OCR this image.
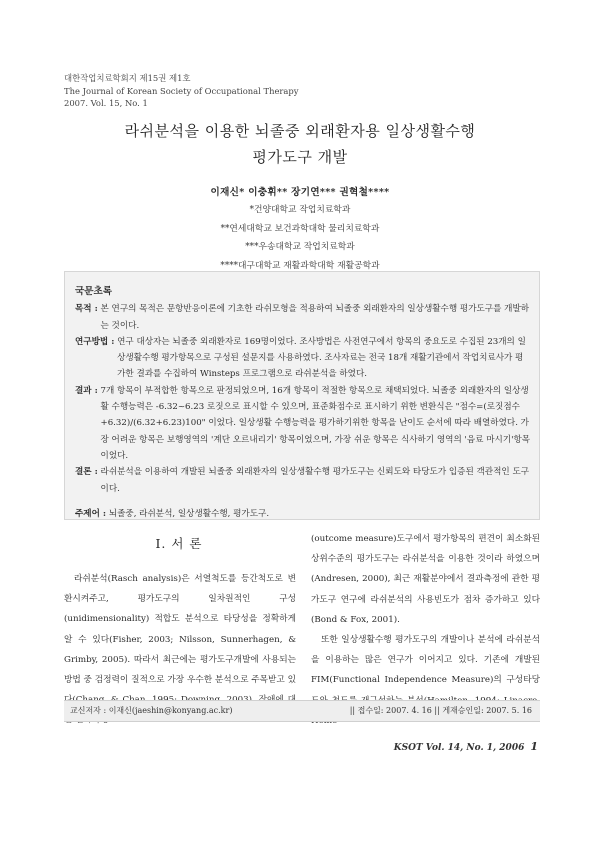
대한작업치료학회지 제15권 제1호
The Journal of Korean Society of Occupational Therapy
2007. Vol. 15, No. 1
라쉬분석을 이용한 뇌졸중 외래환자용 일상생활수행
평가도구 개발
이재신* 이충휘** 장기연*** 권혁철****
*건양대학교 작업치료학과
**연세대학교 보건과학대학 물리치료학과
***우송대학교 작업치료학과
****대구대학교 재활과학대학 재활공학과
국문초록
목적 :
본 연구의 목적은 문항반응이론에 기초한 라쉬모형을 적용하여 뇌졸중 외래환자의 일상생활수행 평가도구를 개발하는 것이다.
연구방법 :
연구 대상자는 뇌졸중 외래환자로 169명이었다. 조사방법은 사전연구에서 항목의 중요도로 수집된 23개의 일상생활수행 평가항목으로 구성된 설문지를 사용하였다. 조사자료는 전국 18개 재활기관에서 작업치료사가 평가한 결과를 수집하여 Winsteps 프로그램으로 라쉬분석을 하였다.
결과 :
7개 항목이 부적합한 항목으로 판정되었으며, 16개 항목이 적절한 항목으로 채택되었다. 뇌졸중 외래환자의 일상생활 수행능력은 -6.32~6.23 로짓으로 표시할 수 있으며, 표준화점수로 표시하기 위한 변환식은 "점수=(로짓점수+6.32)/(6.32+6.23)100" 이었다. 일상생활 수행능력을 평가하기위한 항목을 난이도 순서에 따라 배열하였다. 가장 어려운 항목은 보행영역의 '계단 오르내리기' 항목이었으며, 가장 쉬운 항목은 식사하기 영역의 '음료 마시기'항목이었다.
결론 :
라쉬분석을 이용하여 개발된 뇌졸중 외래환자의 일상생활수행 평가도구는 신뢰도와 타당도가 입증된 객관적인 도구이다.
주제어 :
뇌졸중, 라쉬분석, 일상생활수행, 평가도구.
Ⅰ. 서 론

라쉬분석(Rasch analysis)은 서열척도를 등간척도로 변환시켜주고, 평가도구의 일차원적인 구성(unidimensionality) 적합도 분석으로 타당성을 정확하게 알 수 있다(Fisher, 2003; Nilsson, Sunnerhagen, & Grimby, 2005). 따라서 최근에는 평가도구개발에 사용되는 방법 중 검정력이 질적으로 가장 우수한 분석으로 주목받고 있

(outcome measure)도구에서 평가항목의 편견이 최소화된 상위수준의 평가도구는 라쉬분석을 이용한 것이라 하였으며(Andresen, 2000), 최근 재활분야에서 결과측정에 관한 평가도구 연구에 라쉬분석의 사용빈도가 점차 증가하고 있다(Bond & Fox, 2001).

또한 일상생활수행 평가도구의 개발이나 분석에 라쉬분석을 이용하는 많은 연구가 이어지고 있다. 기존에 개발된 FIM(Functional Independence Measure)의 구성타당

교신저자 : 이재신(jaeshin@konyang.ac.kr)	|| 접수일: 2007. 4. 16 || 게재승인일: 2007. 5. 16
KSOT Vol. 14, No. 1, 2006 1
